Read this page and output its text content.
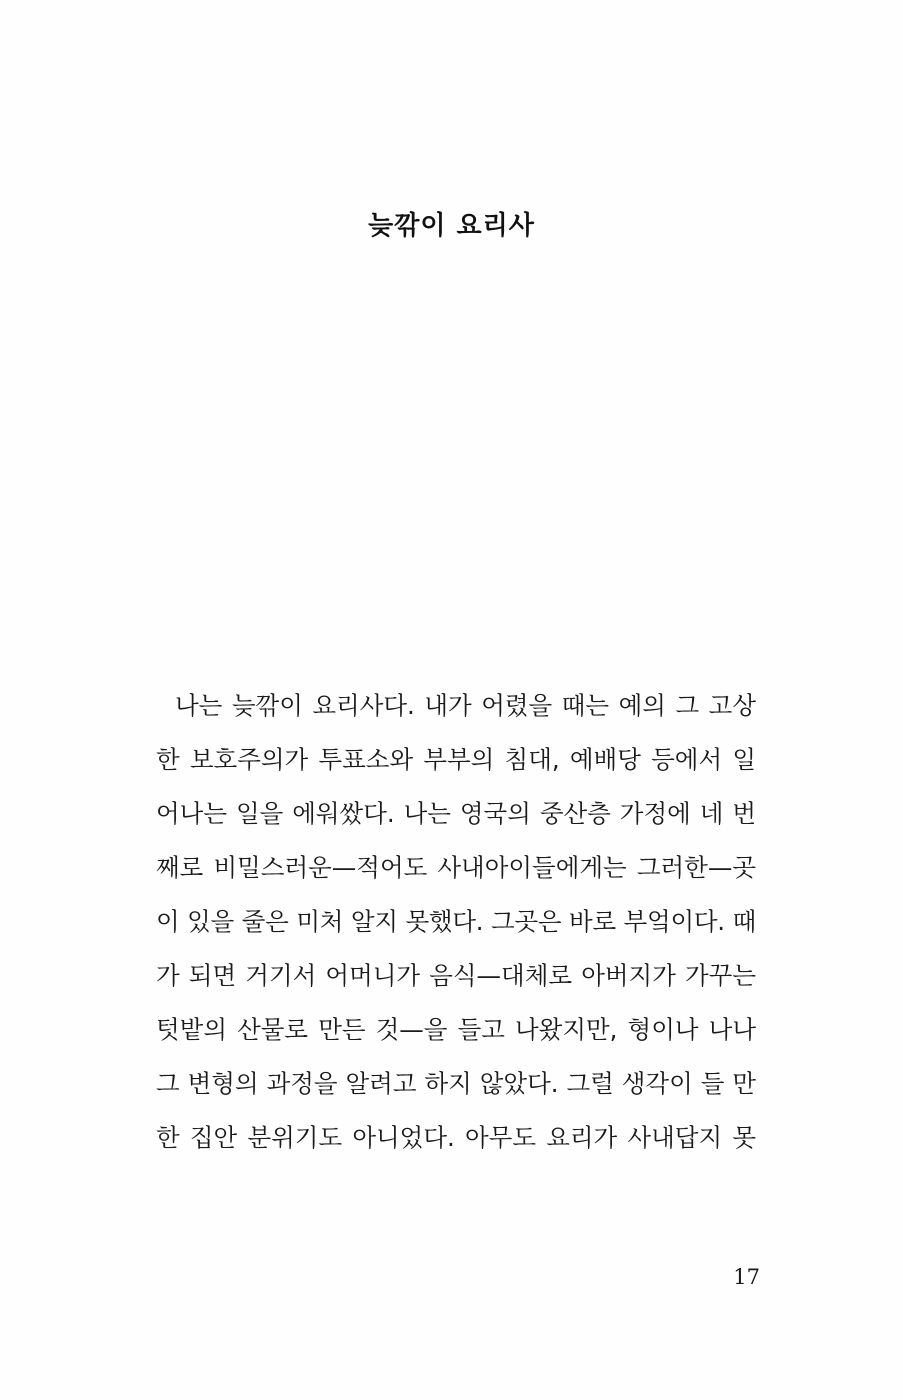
늦깎이 요리사
나는 늦깎이 요리사다. 내가 어렸을 때는 예의 그 고상
한 보호주의가 투표소와 부부의 침대, 예배당 등에서 일
어나는 일을 에워쌌다. 나는 영국의 중산층 가정에 네 번
째로 비밀스러운—적어도 사내아이들에게는 그러한—곳
이 있을 줄은 미처 알지 못했다. 그곳은 바로 부엌이다. 때
가 되면 거기서 어머니가 음식—대체로 아버지가 가꾸는
텃밭의 산물로 만든 것—을 들고 나왔지만, 형이나 나나
그 변형의 과정을 알려고 하지 않았다. 그럴 생각이 들 만
한 집안 분위기도 아니었다. 아무도 요리가 사내답지 못
17
